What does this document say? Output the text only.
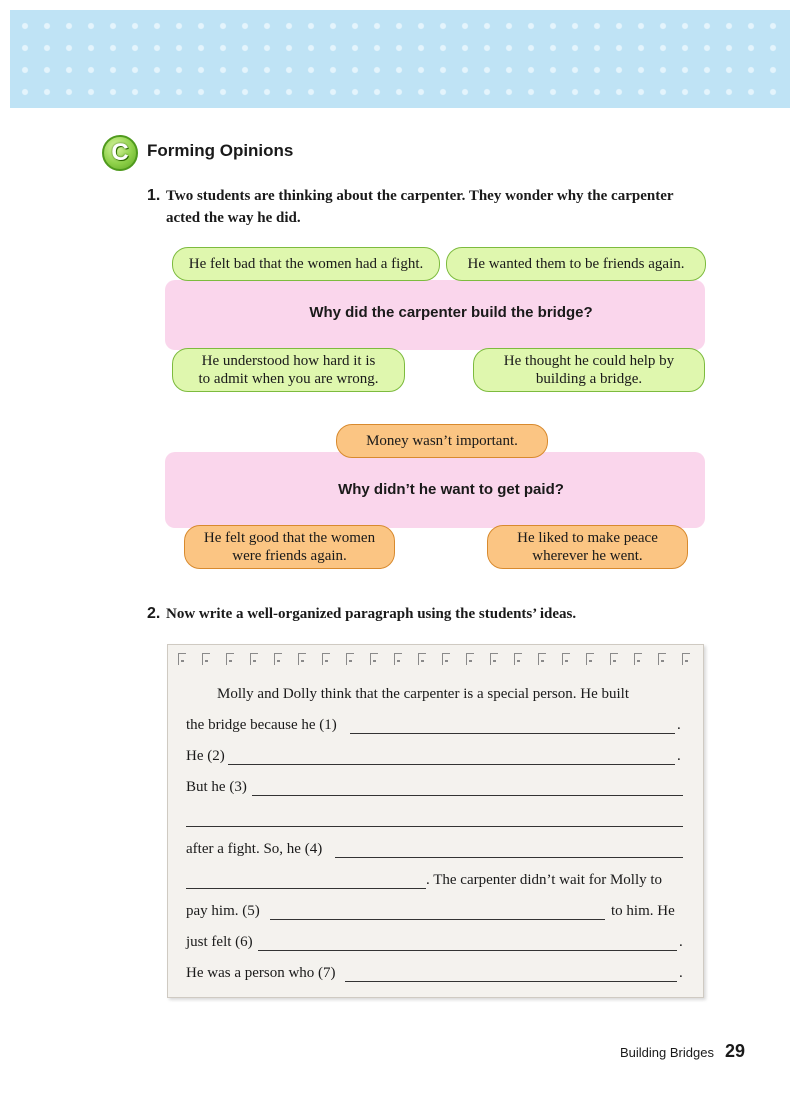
C	Forming Opinions
1. Two students are thinking about the carpenter. They wonder why the carpenter
acted the way he did.
Why did the carpenter build the bridge?
He felt bad that the women had a fight.	He wanted them to be friends again.
He understood how hard it is
to admit when you are wrong.
He thought he could help by
building a bridge.
Why didn’t he want to get paid?
Money wasn’t important.
He felt good that the women
were friends again.
He liked to make peace
wherever he went.
2. Now write a well-organized paragraph using the students’ ideas.
Molly and Dolly think that the carpenter is a special person. He built
the bridge because he (1)	.
He (2)	.
But he (3)
after a fight. So, he (4)
. The carpenter didn’t wait for Molly to
pay him. (5)	to him. He
just felt (6)	.
He was a person who (7)	.
Building Bridges 29
